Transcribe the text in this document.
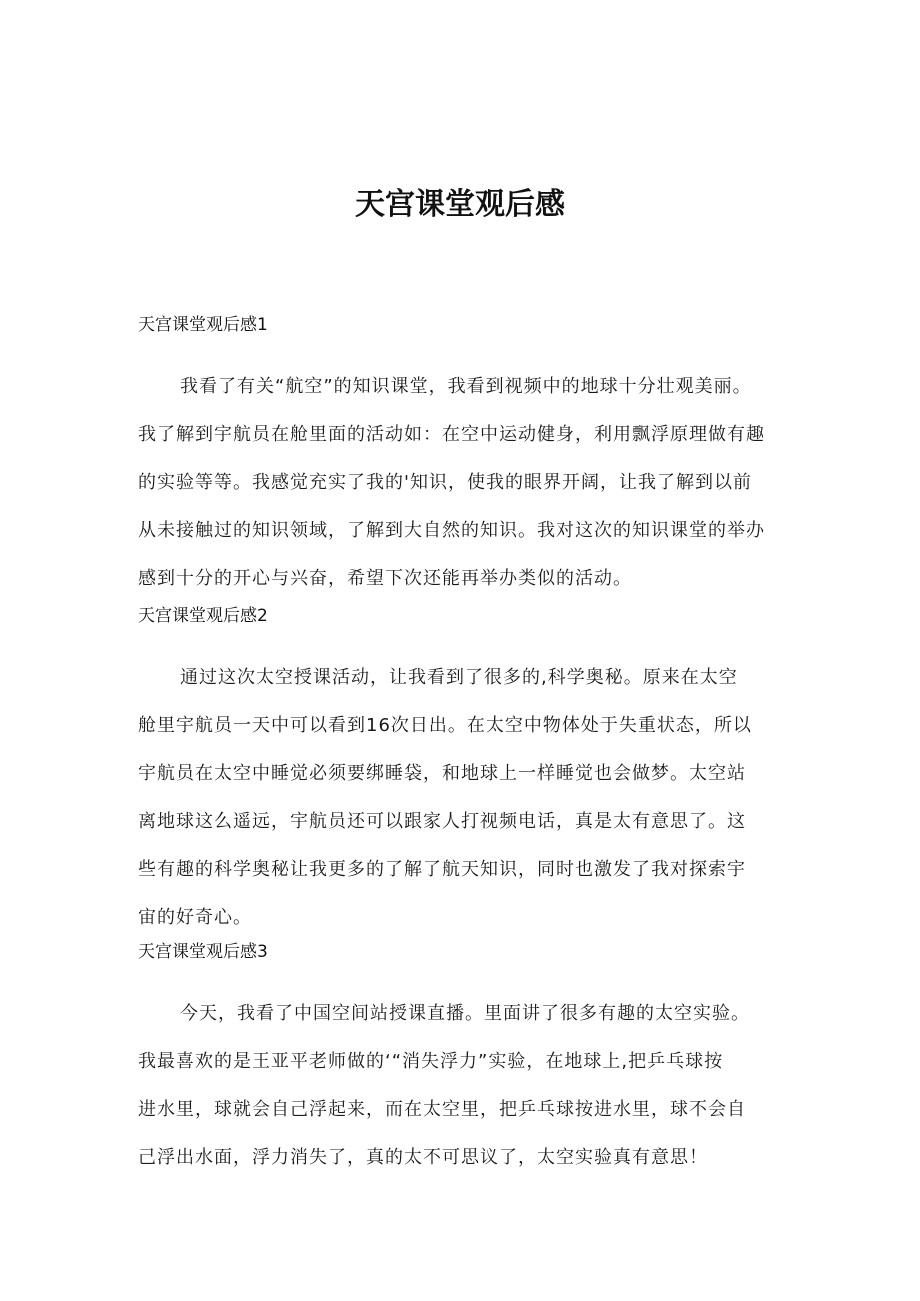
天宫课堂观后感
天宫课堂观后感1

我看了有关“航空”的知识课堂，我看到视频中的地球十分壮观美丽。
我了解到宇航员在舱里面的活动如：在空中运动健身，利用飘浮原理做有趣
的实验等等。我感觉充实了我的'知识，使我的眼界开阔，让我了解到以前
从未接触过的知识领域，了解到大自然的知识。我对这次的知识课堂的举办
感到十分的开心与兴奋，希望下次还能再举办类似的活动。

天宫课堂观后感2

通过这次太空授课活动，让我看到了很多的,科学奥秘。原来在太空
舱里宇航员一天中可以看到16次日出。在太空中物体处于失重状态，所以
宇航员在太空中睡觉必须要绑睡袋，和地球上一样睡觉也会做梦。太空站
离地球这么遥远，宇航员还可以跟家人打视频电话，真是太有意思了。这
些有趣的科学奥秘让我更多的了解了航天知识，同时也激发了我对探索宇
宙的好奇心。

天宫课堂观后感3

今天，我看了中国空间站授课直播。里面讲了很多有趣的太空实验。
我最喜欢的是王亚平老师做的‘“消失浮力”实验，在地球上,把乒乓球按
进水里，球就会自己浮起来，而在太空里，把乒乓球按进水里，球不会自
己浮出水面，浮力消失了，真的太不可思议了，太空实验真有意思！
